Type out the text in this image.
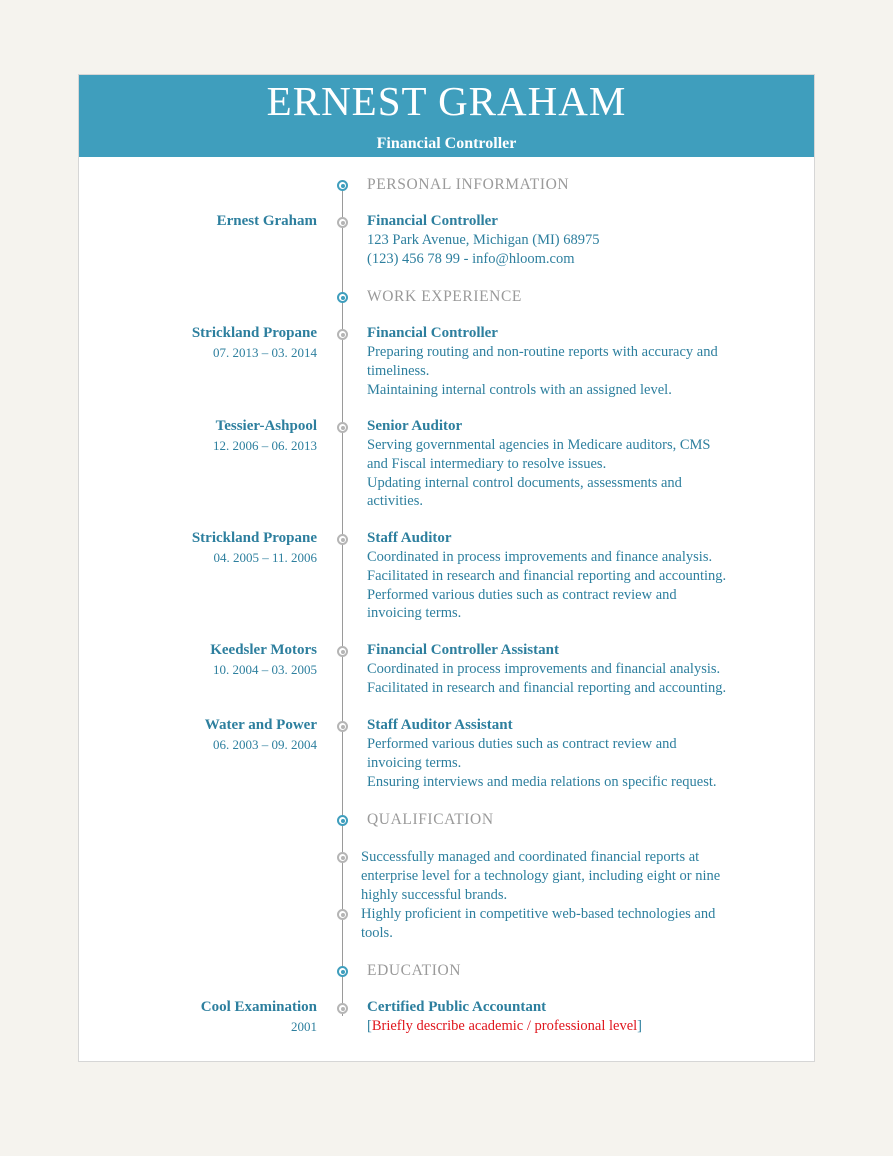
ERNEST GRAHAM
Financial Controller
PERSONAL INFORMATION
Ernest Graham	Financial Controller
123 Park Avenue, Michigan (MI) 68975
(123) 456 78 99 - info@hloom.com
WORK EXPERIENCE
Strickland Propane
07. 2013 – 03. 2014
Financial Controller
Preparing routing and non-routine reports with accuracy and
timeliness.
Maintaining internal controls with an assigned level.
Tessier-Ashpool
12. 2006 – 06. 2013
Senior Auditor
Serving governmental agencies in Medicare auditors, CMS
and Fiscal intermediary to resolve issues.
Updating internal control documents, assessments and
activities.
Strickland Propane
04. 2005 – 11. 2006
Staff Auditor
Coordinated in process improvements and finance analysis.
Facilitated in research and financial reporting and accounting.
Performed various duties such as contract review and
invoicing terms.
Keedsler Motors
10. 2004 – 03. 2005
Financial Controller Assistant
Coordinated in process improvements and financial analysis.
Facilitated in research and financial reporting and accounting.
Water and Power
06. 2003 – 09. 2004
Staff Auditor Assistant
Performed various duties such as contract review and
invoicing terms.
Ensuring interviews and media relations on specific request.
QUALIFICATION
Successfully managed and coordinated financial reports at
enterprise level for a technology giant, including eight or nine
highly successful brands.
Highly proficient in competitive web-based technologies and
tools.
EDUCATION
Cool Examination
2001
Certified Public Accountant
[Briefly describe academic / professional level]
